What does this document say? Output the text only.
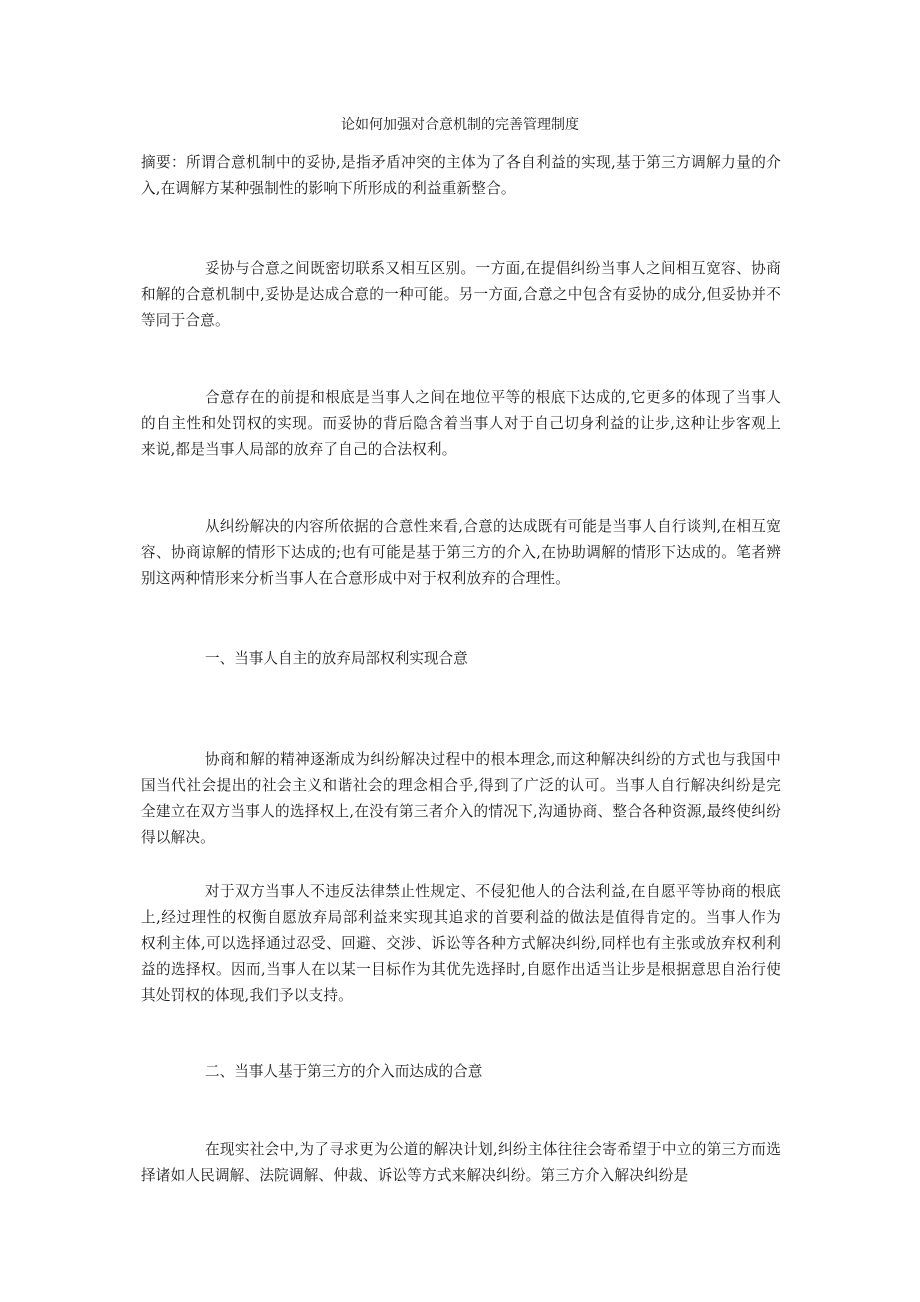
论如何加强对合意机制的完善管理制度

摘要：所谓合意机制中的妥协,是指矛盾冲突的主体为了各自利益的实现,基于第三方调解力量的介入,在调解方某种强制性的影响下所形成的利益重新整合。

妥协与合意之间既密切联系又相互区别。一方面,在提倡纠纷当事人之间相互宽容、协商和解的合意机制中,妥协是达成合意的一种可能。另一方面,合意之中包含有妥协的成分,但妥协并不等同于合意。

合意存在的前提和根底是当事人之间在地位平等的根底下达成的,它更多的体现了当事人的自主性和处罚权的实现。而妥协的背后隐含着当事人对于自己切身利益的让步,这种让步客观上来说,都是当事人局部的放弃了自己的合法权利。

从纠纷解决的内容所依据的合意性来看,合意的达成既有可能是当事人自行谈判,在相互宽容、协商谅解的情形下达成的;也有可能是基于第三方的介入,在协助调解的情形下达成的。笔者辨别这两种情形来分析当事人在合意形成中对于权利放弃的合理性。

一、当事人自主的放弃局部权利实现合意

协商和解的精神逐渐成为纠纷解决过程中的根本理念,而这种解决纠纷的方式也与我国中国当代社会提出的社会主义和谐社会的理念相合乎,得到了广泛的认可。当事人自行解决纠纷是完全建立在双方当事人的选择权上,在没有第三者介入的情况下,沟通协商、整合各种资源,最终使纠纷得以解决。

对于双方当事人不违反法律禁止性规定、不侵犯他人的合法利益,在自愿平等协商的根底上,经过理性的权衡自愿放弃局部利益来实现其追求的首要利益的做法是值得肯定的。当事人作为权利主体,可以选择通过忍受、回避、交涉、诉讼等各种方式解决纠纷,同样也有主张或放弃权利利益的选择权。因而,当事人在以某一目标作为其优先选择时,自愿作出适当让步是根据意思自治行使其处罚权的体现,我们予以支持。

二、当事人基于第三方的介入而达成的合意

在现实社会中,为了寻求更为公道的解决计划,纠纷主体往往会寄希望于中立的第三方而选择诸如人民调解、法院调解、仲裁、诉讼等方式来解决纠纷。第三方介入解决纠纷是
